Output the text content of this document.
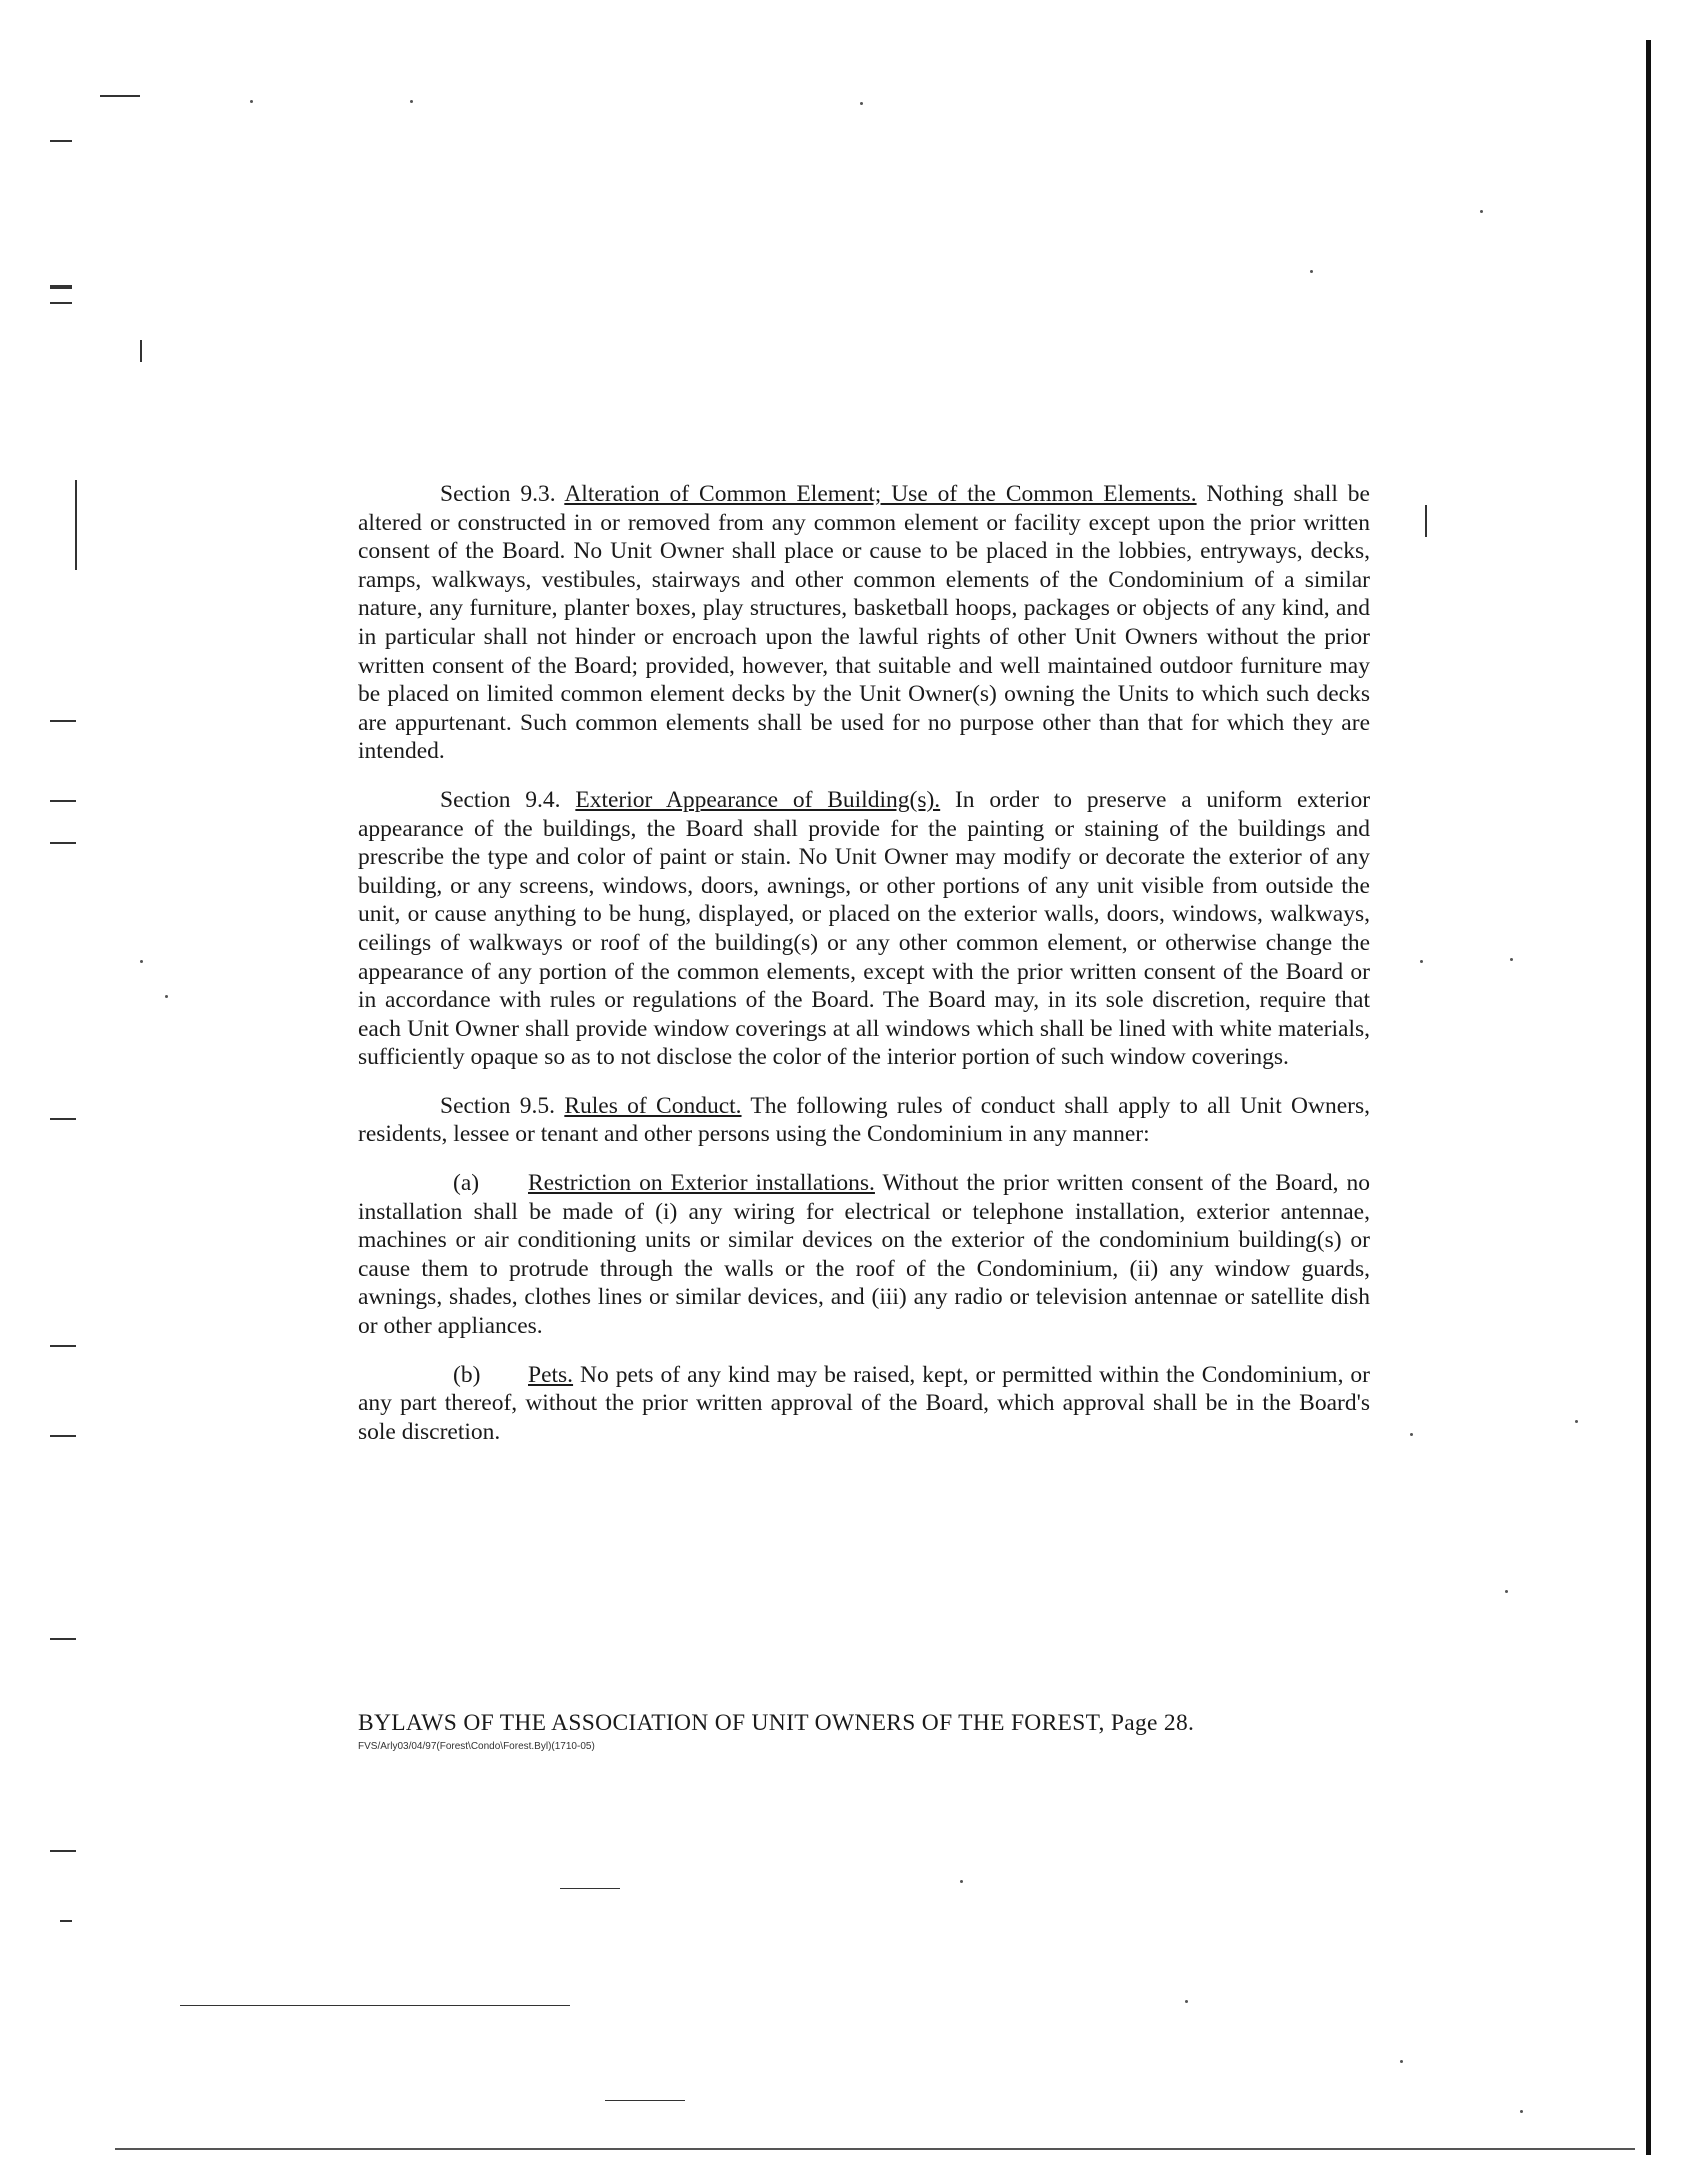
Section 9.3. Alteration of Common Element; Use of the Common Elements. Nothing shall be altered or constructed in or removed from any common element or facility except upon the prior written consent of the Board. No Unit Owner shall place or cause to be placed in the lobbies, entryways, decks, ramps, walkways, vestibules, stairways and other common elements of the Condominium of a similar nature, any furniture, planter boxes, play structures, basketball hoops, packages or objects of any kind, and in particular shall not hinder or encroach upon the lawful rights of other Unit Owners without the prior written consent of the Board; provided, however, that suitable and well maintained outdoor furniture may be placed on limited common element decks by the Unit Owner(s) owning the Units to which such decks are appurtenant. Such common elements shall be used for no purpose other than that for which they are intended.

Section 9.4. Exterior Appearance of Building(s). In order to preserve a uniform exterior appearance of the buildings, the Board shall provide for the painting or staining of the buildings and prescribe the type and color of paint or stain. No Unit Owner may modify or decorate the exterior of any building, or any screens, windows, doors, awnings, or other portions of any unit visible from outside the unit, or cause anything to be hung, displayed, or placed on the exterior walls, doors, windows, walkways, ceilings of walkways or roof of the building(s) or any other common element, or otherwise change the appearance of any portion of the common elements, except with the prior written consent of the Board or in accordance with rules or regulations of the Board. The Board may, in its sole discretion, require that each Unit Owner shall provide window coverings at all windows which shall be lined with white materials, sufficiently opaque so as to not disclose the color of the interior portion of such window coverings.

Section 9.5. Rules of Conduct. The following rules of conduct shall apply to all Unit Owners, residents, lessee or tenant and other persons using the Condominium in any manner:

(a) Restriction on Exterior installations. Without the prior written consent of the Board, no installation shall be made of (i) any wiring for electrical or telephone installation, exterior antennae, machines or air conditioning units or similar devices on the exterior of the condominium building(s) or cause them to protrude through the walls or the roof of the Condominium, (ii) any window guards, awnings, shades, clothes lines or similar devices, and (iii) any radio or television antennae or satellite dish or other appliances.

(b) Pets. No pets of any kind may be raised, kept, or permitted within the Condominium, or any part thereof, without the prior written approval of the Board, which approval shall be in the Board's sole discretion.

BYLAWS OF THE ASSOCIATION OF UNIT OWNERS OF THE FOREST, Page 28.
FVS/Arly03/04/97(Forest\Condo\Forest.Byl)(1710-05)
